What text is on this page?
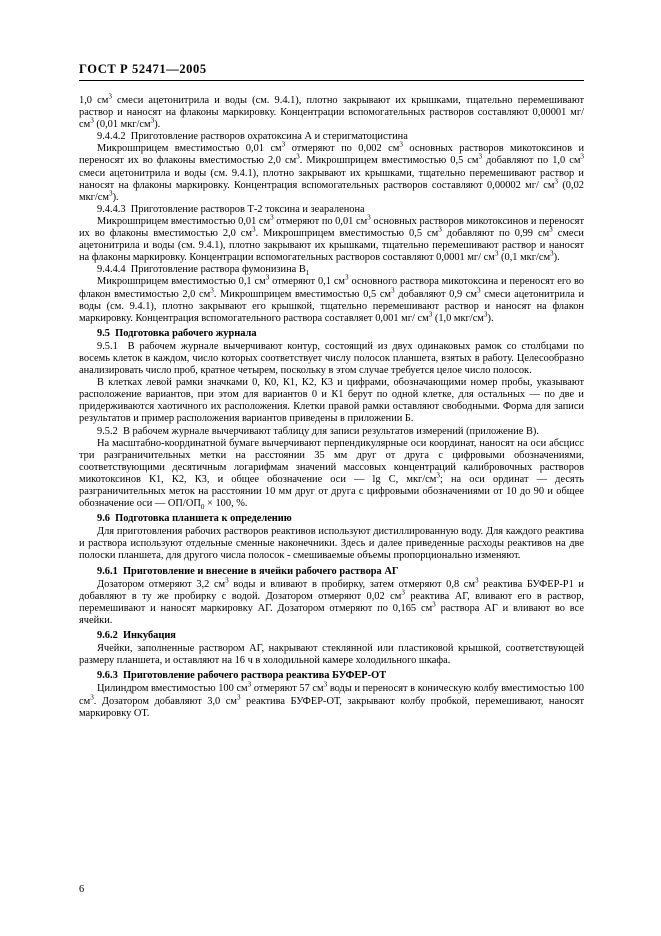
ГОСТ Р 52471—2005

1,0 $см^3$ смеси ацетонитрила и воды (см. 9.4.1), плотно закрывают их крышками, тщательно перемешивают раствор и наносят на флаконы маркировку. Концентрации вспомогательных растворов составляют 0,00001 мг/ $см^3$ (0,01 мкг/$см^3$).

9.4.4.2  Приготовление растворов охратоксина А и стеригматоцистина

Микрошприцем вместимостью 0,01 $см^3$ отмеряют по 0,002 $см^3$ основных растворов микотоксинов и переносят их во флаконы вместимостью 2,0 $см^3$. Микрошприцем вместимостью 0,5 $см^3$ добавляют по 1,0 $см^3$ смеси ацетонитрила и воды (см. 9.4.1), плотно закрывают их крышками, тщательно перемешивают раствор и наносят на флаконы маркировку. Концентрация вспомогательных растворов составляют 0,00002 мг/ $см^3$ (0,02 мкг/$см^3$).

9.4.4.3  Приготовление растворов Т-2 токсина и зеараленона

Микрошприцем вместимостью 0,01 $см^3$ отмеряют по 0,01 $см^3$ основных растворов микотоксинов и переносят их во флаконы вместимостью 2,0 $см^3$. Микрошприцем вместимостью 0,5 $см^3$ добавляют по 0,99 $см^3$ смеси ацетонитрила и воды (см. 9.4.1), плотно закрывают их крышками, тщательно перемешивают раствор и наносят на флаконы маркировку. Концентрации вспомогательных растворов составляют 0,0001 мг/ $см^3$ (0,1 мкг/$см^3$).

9.4.4.4  Приготовление раствора фумонизина $B_1$

Микрошприцем вместимостью 0,1 $см^3$ отмеряют 0,1 $см^3$ основного раствора микотоксина и переносят его во флакон вместимостью 2,0 $см^3$. Микрошприцем вместимостью 0,5 $см^3$ добавляют 0,9 $см^3$ смеси ацетонитрила и воды (см. 9.4.1), плотно закрывают его крышкой, тщательно перемешивают раствор и наносят на флакон маркировку. Концентрация вспомогательного раствора составляет 0,001 мг/ $см^3$ (1,0 мкг/$см^3$).

9.5  Подготовка рабочего журнала

9.5.1  В рабочем журнале вычерчивают контур, состоящий из двух одинаковых рамок со столбцами по восемь клеток в каждом, число которых соответствует числу полосок планшета, взятых в работу. Целесообразно анализировать число проб, кратное четырем, поскольку в этом случае требуется целое число полосок.

В клетках левой рамки значками 0, К0, К1, К2, К3 и цифрами, обозначающими номер пробы, указывают расположение вариантов, при этом для вариантов 0 и К1 берут по одной клетке, для остальных — по две и придерживаются хаотичного их расположения. Клетки правой рамки оставляют свободными. Форма для записи результатов и пример расположения вариантов приведены в приложении Б.

9.5.2  В рабочем журнале вычерчивают таблицу для записи результатов измерений (приложение В).

На масштабно-координатной бумаге вычерчивают перпендикулярные оси координат, наносят на оси абсцисс три разграничительных метки на расстоянии 35 мм друг от друга с цифровыми обозначениями, соответствующими десятичным логарифмам значений массовых концентраций калибровочных растворов микотоксинов К1, К2, К3, и общее обозначение оси — lg С, мкг/$см^3$; на оси ординат — десять разграничительных меток на расстоянии 10 мм друг от друга с цифровыми обозначениями от 10 до 90 и общее обозначение оси — $ОП/ОП_0 \times 100$, %.

9.6  Подготовка планшета к определению

Для приготовления рабочих растворов реактивов используют дистиллированную воду. Для каждого реактива и раствора используют отдельные сменные наконечники. Здесь и далее приведенные расходы реактивов на две полоски планшета, для другого числа полосок - смешиваемые объемы пропорционально изменяют.

9.6.1  Приготовление и внесение в ячейки рабочего раствора АГ

Дозатором отмеряют 3,2 $см^3$ воды и вливают в пробирку, затем отмеряют 0,8 $см^3$ реактива БУФЕР-Р1 и добавляют в ту же пробирку с водой. Дозатором отмеряют 0,02 $см^3$ реактива АГ, вливают его в раствор, перемешивают и наносят маркировку АГ. Дозатором отмеряют по 0,165 $см^3$ раствора АГ и вливают во все ячейки.

9.6.2  Инкубация

Ячейки, заполненные раствором АГ, накрывают стеклянной или пластиковой крышкой, соответствующей размеру планшета, и оставляют на 16 ч в холодильной камере холодильного шкафа.

9.6.3  Приготовление рабочего раствора реактива БУФЕР-ОТ

Цилиндром вместимостью 100 $см^3$ отмеряют 57 $см^3$ воды и переносят в коническую колбу вместимостью 100 $см^3$. Дозатором добавляют 3,0 $см^3$ реактива БУФЕР-ОТ, закрывают колбу пробкой, перемешивают, наносят маркировку ОТ.

6
